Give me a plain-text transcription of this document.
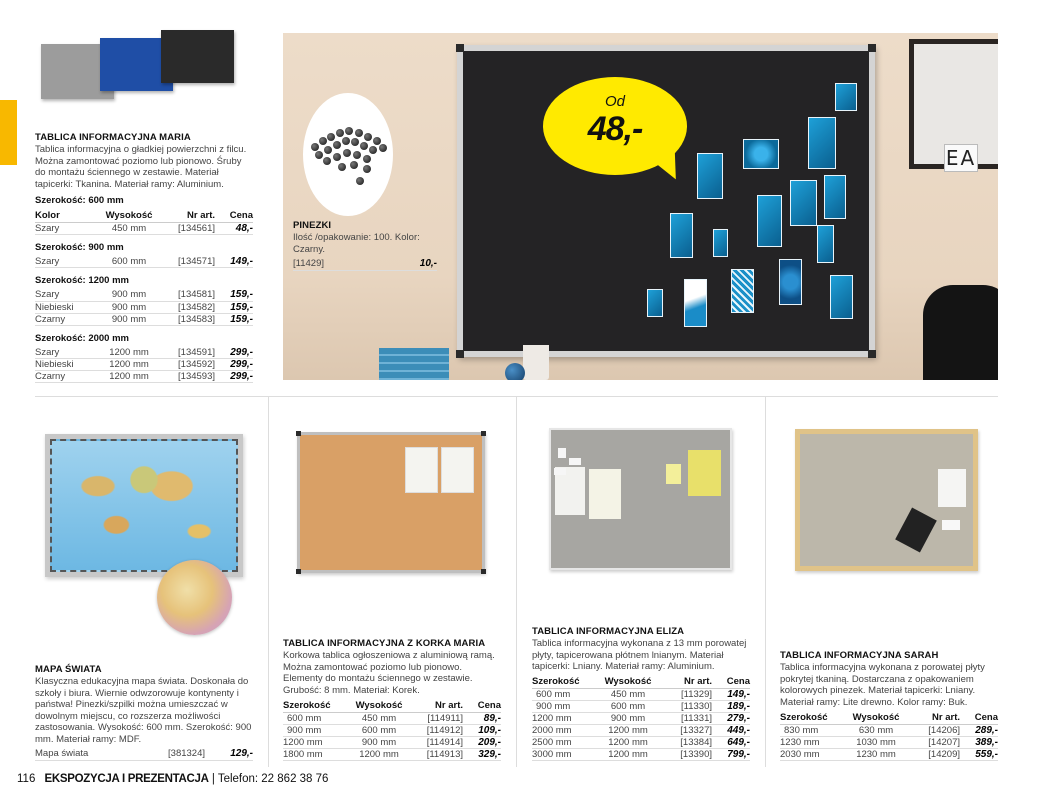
TABLICA INFORMACYJNA MARIA
Tablica informacyjna o gładkiej powierzchni z filcu. Można zamontować poziomo lub pionowo. Śruby do montażu ściennego w zestawie. Materiał tapicerki: Tkanina. Materiał ramy: Aluminium.
Szerokość: 600 mm
Kolor	Wysokość	Nr art.	Cena
Szary	450 mm	[134561]	48,-
Szerokość: 900 mm
Szary	600 mm	[134571]	149,-
Szerokość: 1200 mm
Szary	900 mm	[134581]	159,-
Niebieski	900 mm	[134582]	159,-
Czarny	900 mm	[134583]	159,-
Szerokość: 2000 mm
Szary	1200 mm	[134591]	299,-
Niebieski	1200 mm	[134592]	299,-
Czarny	1200 mm	[134593]	299,-
EA
PINEZKI
Ilość /opakowanie: 100. Kolor: Czarny.
[11429]	10,-
Od
48,-
MAPA ŚWIATA
Klasyczna edukacyjna mapa świata. Doskonała do szkoły i biura. Wiernie odwzorowuje kontynenty i państwa! Pinezki/szpilki można umieszczać w dowolnym miejscu, co rozszerza możliwości zastosowania. Wysokość: 600 mm. Szerokość: 900 mm. Materiał ramy: MDF.
Mapa świata	[381324]	129,-
TABLICA INFORMACYJNA Z KORKA MARIA
Korkowa tablica ogłoszeniowa z aluminiową ramą. Można zamontować poziomo lub pionowo. Elementy do montażu ściennego w zestawie. Grubość: 8 mm. Materiał: Korek.
Szerokość	Wysokość	Nr art.	Cena
600 mm	450 mm	[114911]	89,-
900 mm	600 mm	[114912]	109,-
1200 mm	900 mm	[114914]	209,-
1800 mm	1200 mm	[114913]	329,-
TABLICA INFORMACYJNA ELIZA
Tablica informacyjna wykonana z 13 mm porowatej płyty, tapicerowana płótnem lnianym. Materiał tapicerki: Lniany. Materiał ramy: Aluminium.
Szerokość	Wysokość	Nr art.	Cena
600 mm	450 mm	[11329]	149,-
900 mm	600 mm	[11330]	189,-
1200 mm	900 mm	[11331]	279,-
2000 mm	1200 mm	[13327]	449,-
2500 mm	1200 mm	[13384]	649,-
3000 mm	1200 mm	[13390]	799,-
TABLICA INFORMACYJNA SARAH
Tablica informacyjna wykonana z porowatej płyty pokrytej tkaniną. Dostarczana z opakowaniem kolorowych pinezek. Materiał tapicerki: Lniany. Materiał ramy: Lite drewno. Kolor ramy: Buk.
Szerokość	Wysokość	Nr art.	Cena
830 mm	630 mm	[14206]	289,-
1230 mm	1030 mm	[14207]	389,-
2030 mm	1230 mm	[14209]	559,-
116 EKSPOZYCJA I PREZENTACJA | Telefon: 22 862 38 76
